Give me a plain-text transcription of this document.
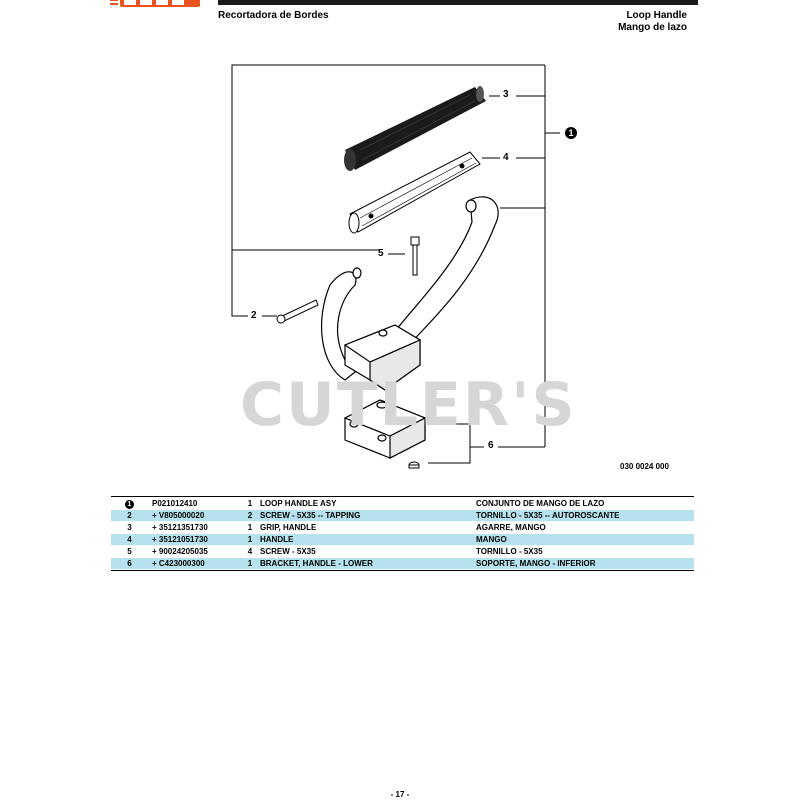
Recortadora de Bordes	Loop Handle
Mango de lazo
CUTLER'S
3
4
5
2
6
1
030 0024 000
1	P021012410	1	LOOP HANDLE ASY	CONJUNTO DE MANGO DE LAZO
2	+ V805000020	2	SCREW - 5X35 -- TAPPING	TORNILLO - 5X35 -- AUTOROSCANTE
3	+ 35121351730	1	GRIP, HANDLE	AGARRE, MANGO
4	+ 35121051730	1	HANDLE	MANGO
5	+ 90024205035	4	SCREW - 5X35	TORNILLO - 5X35
6	+ C423000300	1	BRACKET, HANDLE - LOWER	SOPORTE, MANGO - INFERIOR
- 17 -
